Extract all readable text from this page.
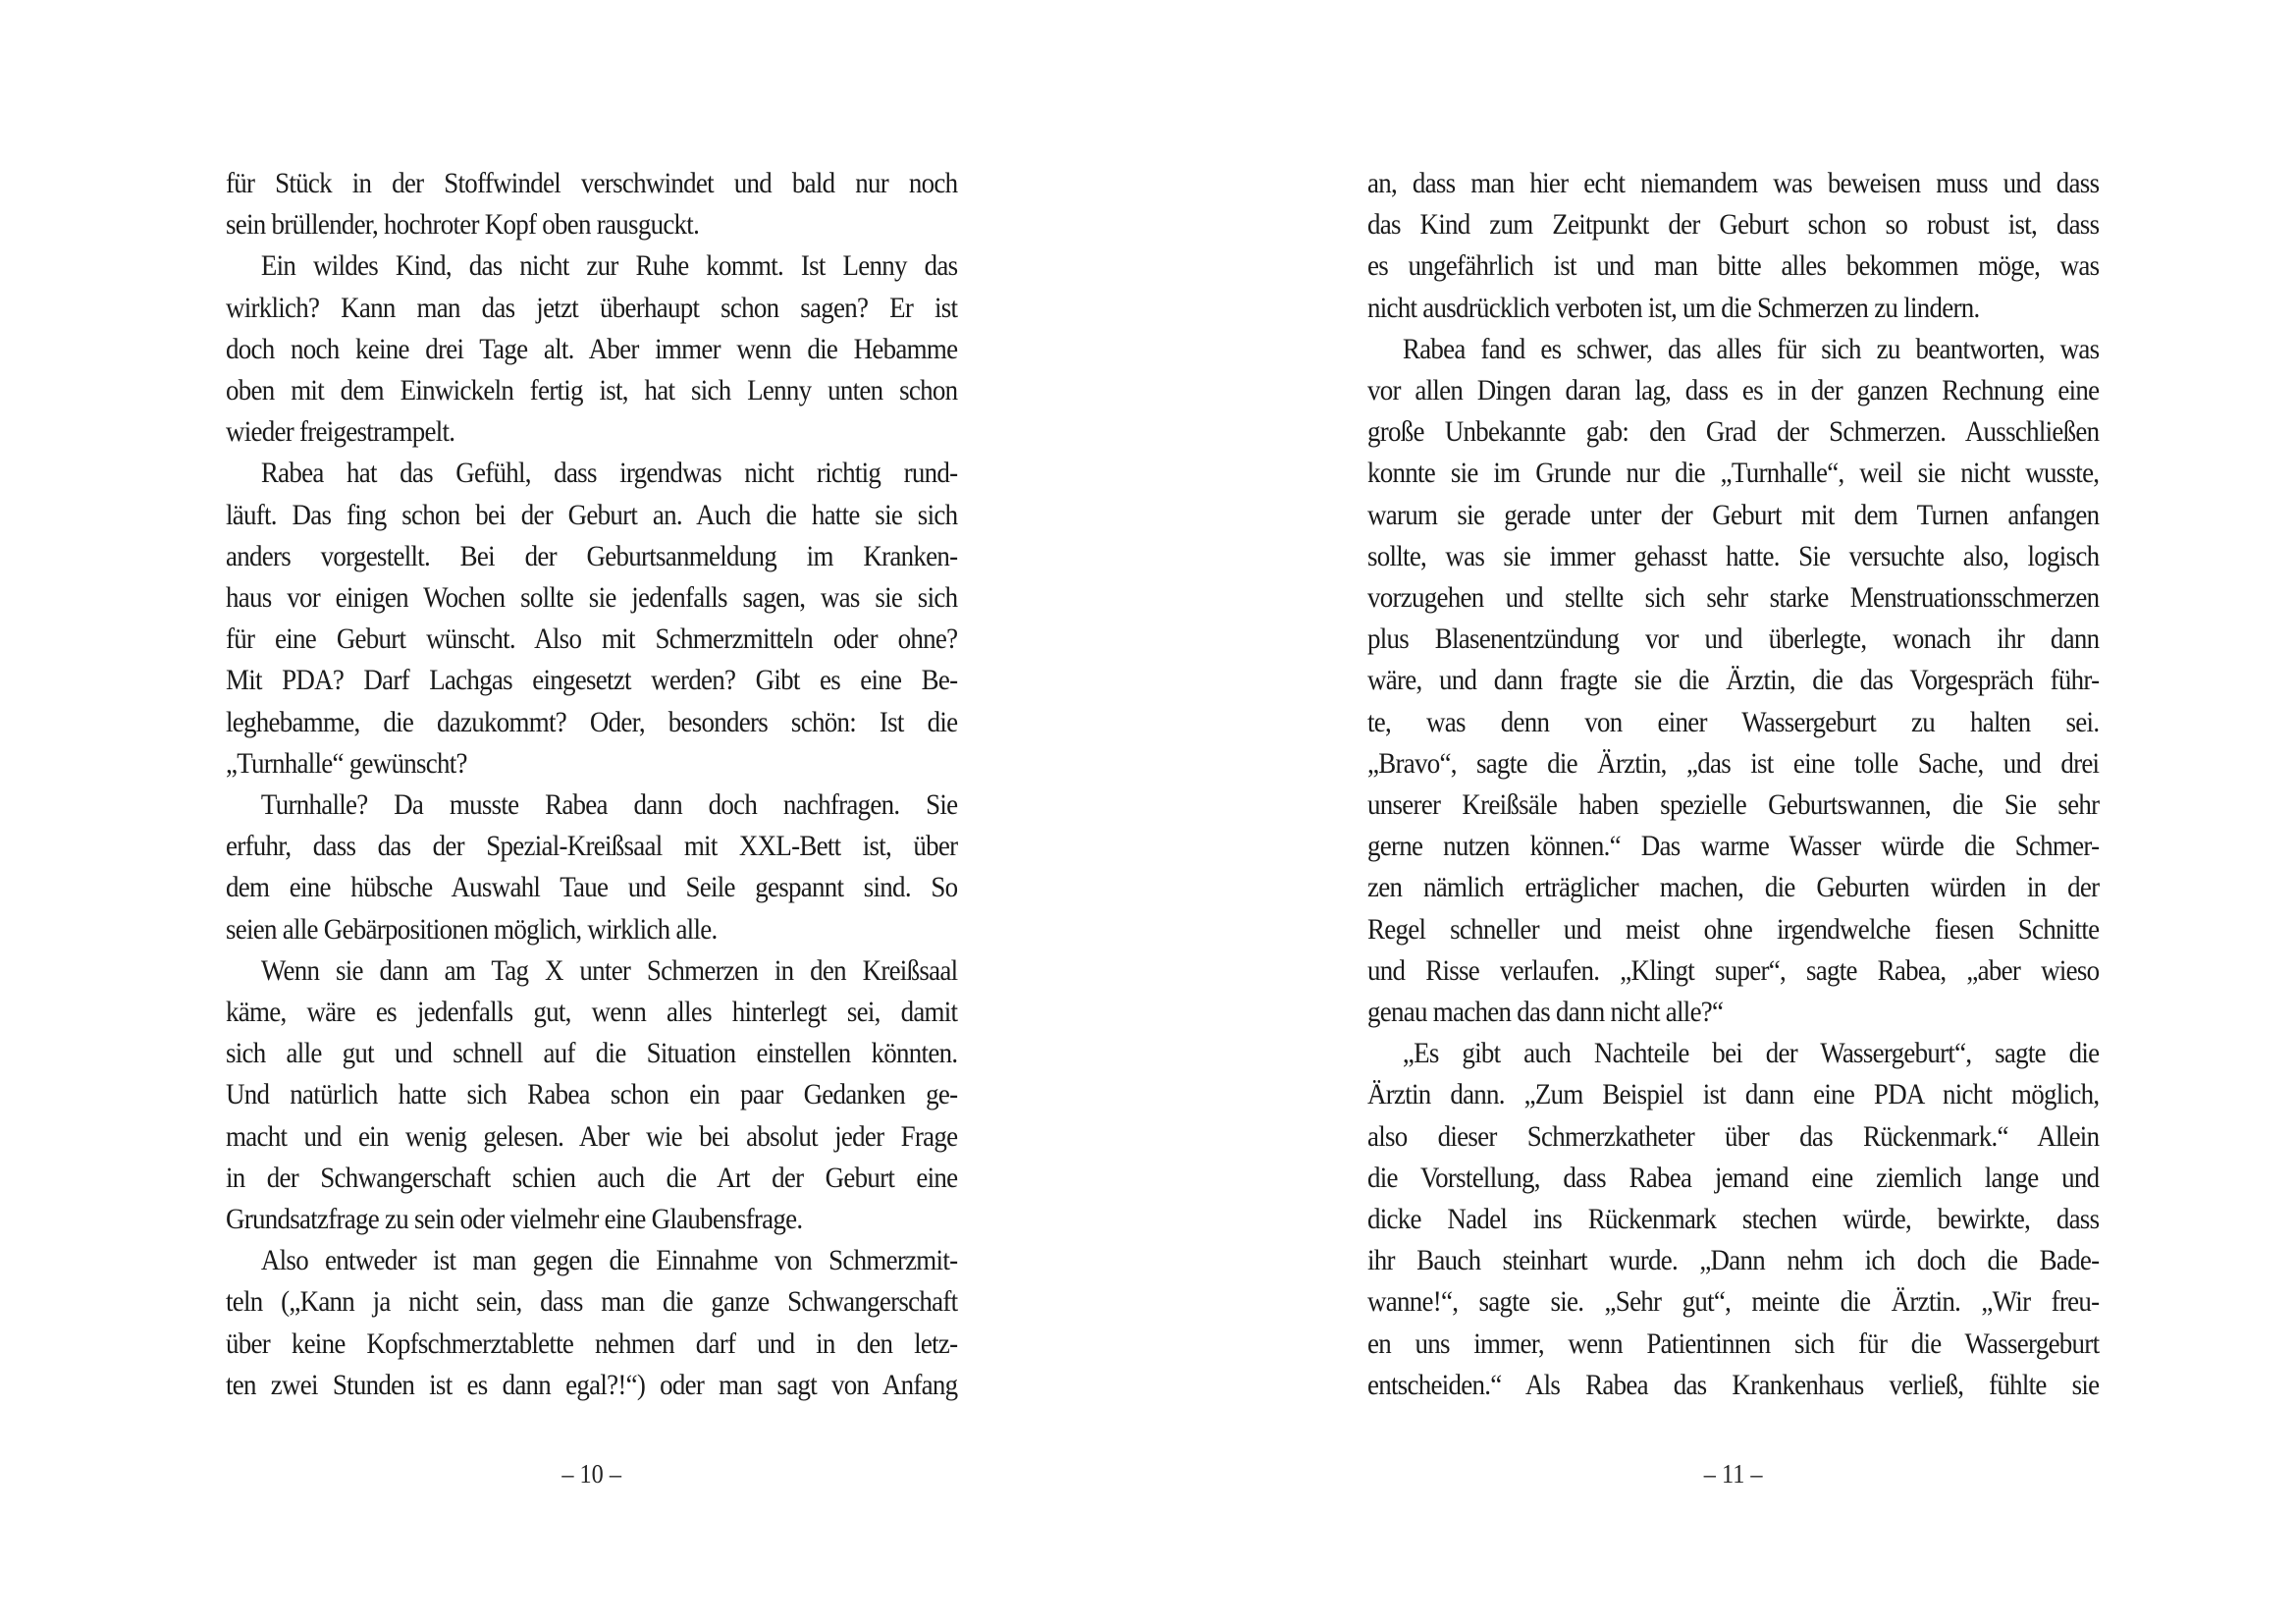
für Stück in der Stoffwindel verschwindet und bald nur noch
sein brüllender, hochroter Kopf oben rausguckt.
Ein wildes Kind, das nicht zur Ruhe kommt. Ist Lenny das
wirklich? Kann man das jetzt überhaupt schon sagen? Er ist
doch noch keine drei Tage alt. Aber immer wenn die Hebamme
oben mit dem Einwickeln fertig ist, hat sich Lenny unten schon
wieder freigestrampelt.
Rabea hat das Gefühl, dass irgendwas nicht richtig rund-
läuft. Das fing schon bei der Geburt an. Auch die hatte sie sich
anders vorgestellt. Bei der Geburtsanmeldung im Kranken-
haus vor einigen Wochen sollte sie jedenfalls sagen, was sie sich
für eine Geburt wünscht. Also mit Schmerzmitteln oder ohne?
Mit PDA? Darf Lachgas eingesetzt werden? Gibt es eine Be-
leghebamme, die dazukommt? Oder, besonders schön: Ist die
„Turnhalle“ gewünscht?
Turnhalle? Da musste Rabea dann doch nachfragen. Sie
erfuhr, dass das der Spezial-Kreißsaal mit XXL-Bett ist, über
dem eine hübsche Auswahl Taue und Seile gespannt sind. So
seien alle Gebärpositionen möglich, wirklich alle.
Wenn sie dann am Tag X unter Schmerzen in den Kreißsaal
käme, wäre es jedenfalls gut, wenn alles hinterlegt sei, damit
sich alle gut und schnell auf die Situation einstellen könnten.
Und natürlich hatte sich Rabea schon ein paar Gedanken ge-
macht und ein wenig gelesen. Aber wie bei absolut jeder Frage
in der Schwangerschaft schien auch die Art der Geburt eine
Grundsatzfrage zu sein oder vielmehr eine Glaubensfrage.
Also entweder ist man gegen die Einnahme von Schmerzmit-
teln („Kann ja nicht sein, dass man die ganze Schwangerschaft
über keine Kopfschmerztablette nehmen darf und in den letz-
ten zwei Stunden ist es dann egal?!“) oder man sagt von Anfang
– 10 –
an, dass man hier echt niemandem was beweisen muss und dass
das Kind zum Zeitpunkt der Geburt schon so robust ist, dass
es ungefährlich ist und man bitte alles bekommen möge, was
nicht ausdrücklich verboten ist, um die Schmerzen zu lindern.
Rabea fand es schwer, das alles für sich zu beantworten, was
vor allen Dingen daran lag, dass es in der ganzen Rechnung eine
große Unbekannte gab: den Grad der Schmerzen. Ausschließen
konnte sie im Grunde nur die „Turnhalle“, weil sie nicht wusste,
warum sie gerade unter der Geburt mit dem Turnen anfangen
sollte, was sie immer gehasst hatte. Sie versuchte also, logisch
vorzugehen und stellte sich sehr starke Menstruationsschmerzen
plus Blasenentzündung vor und überlegte, wonach ihr dann
wäre, und dann fragte sie die Ärztin, die das Vorgespräch führ-
te, was denn von einer Wassergeburt zu halten sei.
„Bravo“, sagte die Ärztin, „das ist eine tolle Sache, und drei
unserer Kreißsäle haben spezielle Geburtswannen, die Sie sehr
gerne nutzen können.“ Das warme Wasser würde die Schmer-
zen nämlich erträglicher machen, die Geburten würden in der
Regel schneller und meist ohne irgendwelche fiesen Schnitte
und Risse verlaufen. „Klingt super“, sagte Rabea, „aber wieso
genau machen das dann nicht alle?“
„Es gibt auch Nachteile bei der Wassergeburt“, sagte die
Ärztin dann. „Zum Beispiel ist dann eine PDA nicht möglich,
also dieser Schmerzkatheter über das Rückenmark.“ Allein
die Vorstellung, dass Rabea jemand eine ziemlich lange und
dicke Nadel ins Rückenmark stechen würde, bewirkte, dass
ihr Bauch steinhart wurde. „Dann nehm ich doch die Bade-
wanne!“, sagte sie. „Sehr gut“, meinte die Ärztin. „Wir freu-
en uns immer, wenn Patientinnen sich für die Wassergeburt
entscheiden.“ Als Rabea das Krankenhaus verließ, fühlte sie
– 11 –
